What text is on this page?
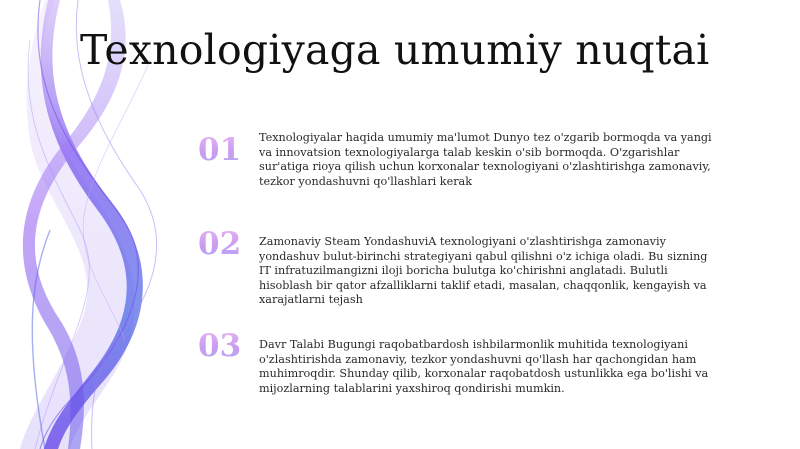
Texnologiyaga umumiy nuqtai
01	Texnologiyalar haqida umumiy ma'lumot Dunyo tez o'zgarib bormoqda va yangi va innovatsion texnologiyalarga talab keskin o'sib bormoqda. O'zgarishlar sur'atiga rioya qilish uchun korxonalar texnologiyani o'zlashtirishga zamonaviy, tezkor yondashuvni qo'llashlari kerak

02	Zamonaviy Steam YondashuviA texnologiyani o'zlashtirishga zamonaviy yondashuv bulut-birinchi strategiyani qabul qilishni o'z ichiga oladi. Bu sizning IT infratuzilmangizni iloji boricha bulutga ko'chirishni anglatadi. Bulutli hisoblash bir qator afzalliklarni taklif etadi, masalan, chaqqonlik, kengayish va xarajatlarni tejash

03	Davr Talabi Bugungi raqobatbardosh ishbilarmonlik muhitida texnologiyani o'zlashtirishda zamonaviy, tezkor yondashuvni qo'llash har qachongidan ham muhimroqdir. Shunday qilib, korxonalar raqobatdosh ustunlikka ega bo'lishi va mijozlarning talablarini yaxshiroq qondirishi mumkin.
